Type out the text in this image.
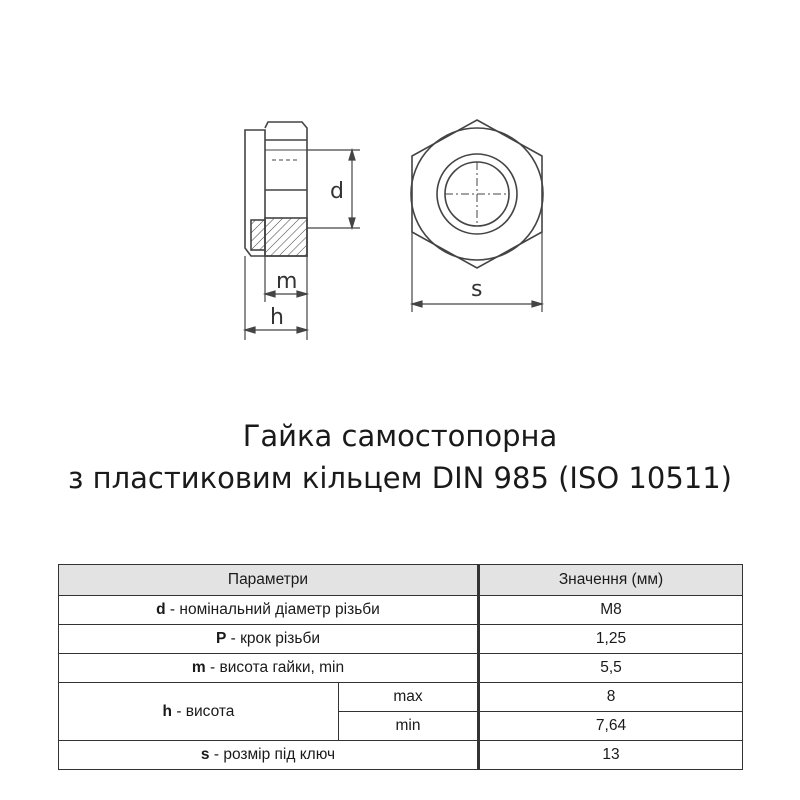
d
m
h
s
Гайка самостопорна
з пластиковим кільцем DIN 985 (ISO 10511)
Параметри		Значення (мм)
d - номінальний діаметр різьби		M8
P - крок різьби		1,25
m - висота гайки, min		5,5
h - висота	max	8
	min	7,64
s - розмір під ключ		13
